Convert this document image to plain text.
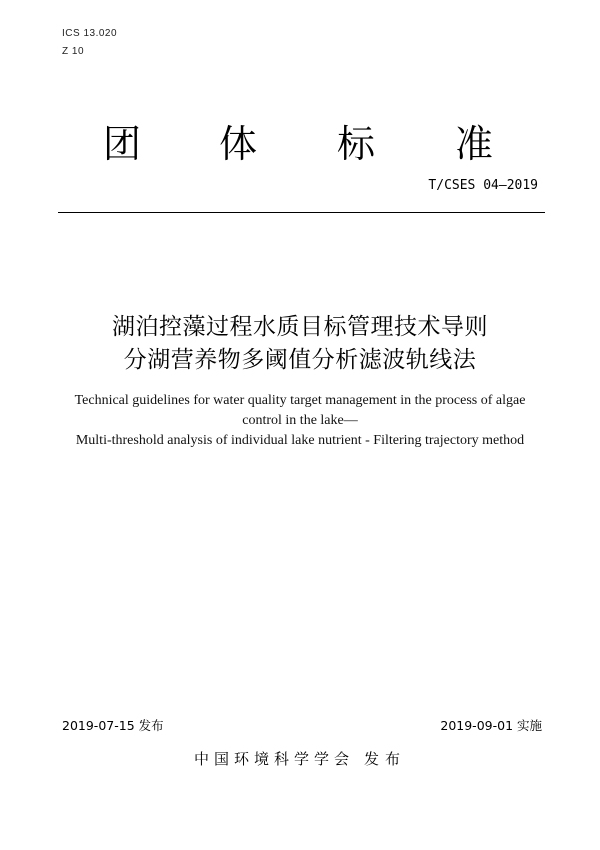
ICS 13.020
Z 10
团 体 标 准
T/CSES 04—2019
湖泊控藻过程水质目标管理技术导则
分湖营养物多阈值分析滤波轨线法
Technical guidelines for water quality target management in the process of algae
control in the lake—
Multi-threshold analysis of individual lake nutrient - Filtering trajectory method
2019-07-15 发布	2019-09-01 实施
中国环境科学学会 发布
